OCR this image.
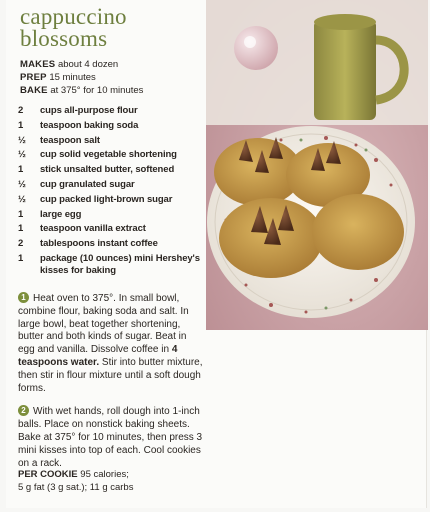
cappuccino
blossoms
MAKES about 4 dozen
PREP 15 minutes
BAKE at 375° for 10 minutes
2	cups all-purpose flour
1	teaspoon baking soda
½	teaspoon salt
½	cup solid vegetable shortening
1	stick unsalted butter, softened
½	cup granulated sugar
½	cup packed light-brown sugar
1	large egg
1	teaspoon vanilla extract
2	tablespoons instant coffee
1	package (10 ounces) mini Hershey's kisses for baking

1 Heat oven to 375°. In small bowl, combine flour, baking soda and salt. In large bowl, beat together shortening, butter and both kinds of sugar. Beat in egg and vanilla. Dissolve coffee in 4 teaspoons water. Stir into butter mixture, then stir in flour mixture until a soft dough forms.

2 With wet hands, roll dough into 1-inch balls. Place on nonstick baking sheets. Bake at 375° for 10 minutes, then press 3 mini kisses into top of each. Cool cookies on a rack.

PER COOKIE 95 calories;
5 g fat (3 g sat.); 11 g carbs
